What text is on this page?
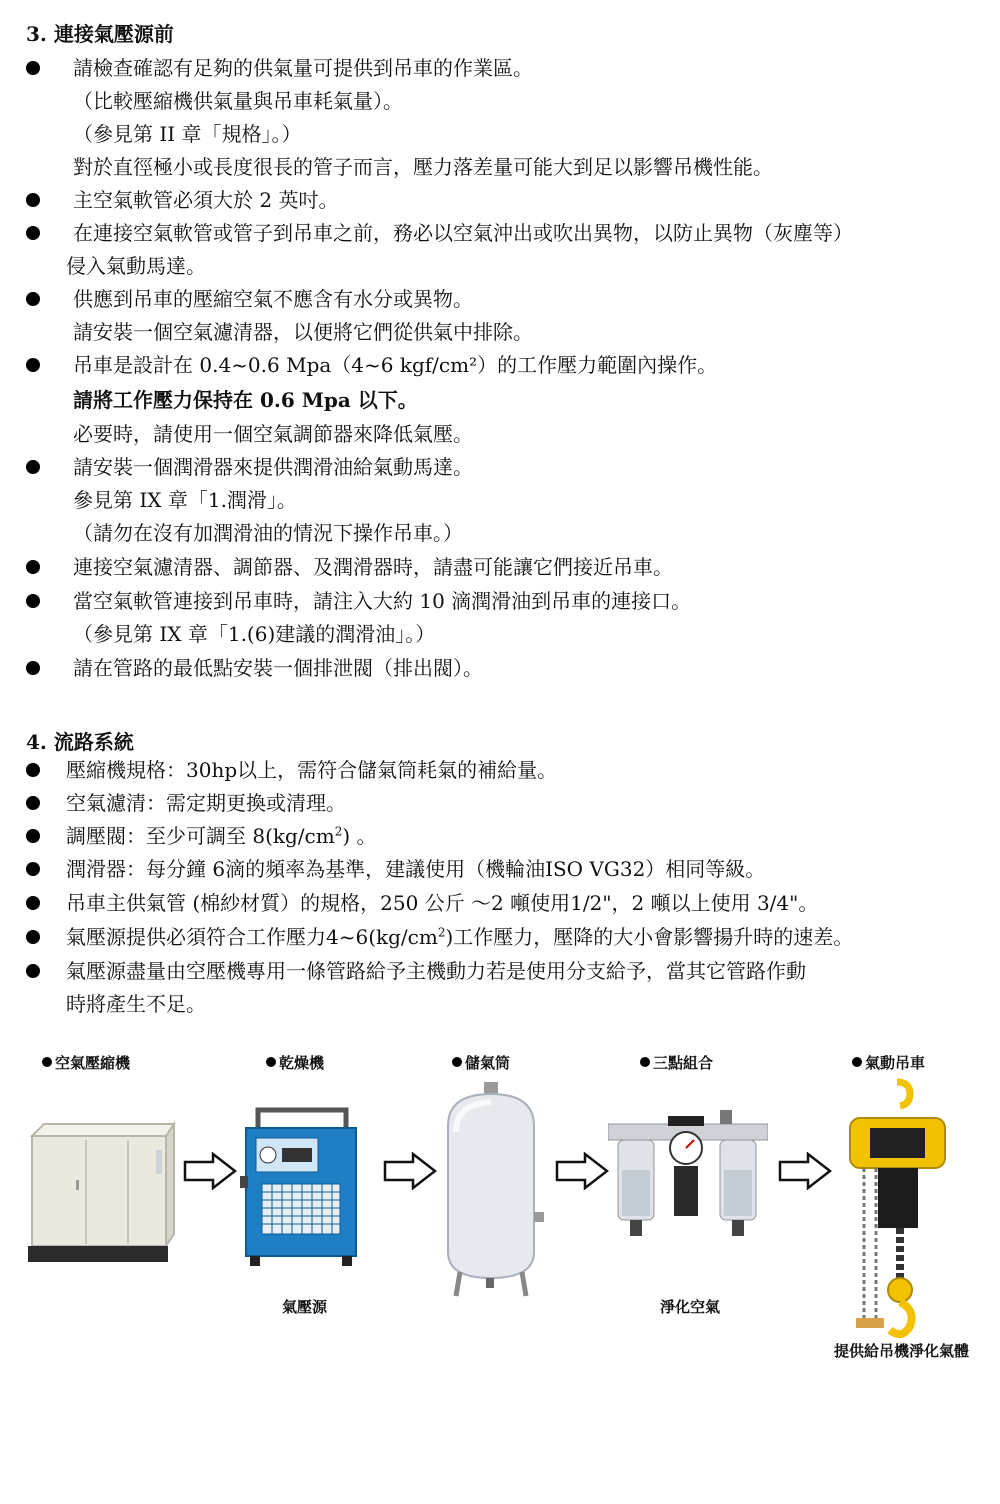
3. 連接氣壓源前
請檢查確認有足夠的供氣量可提供到吊車的作業區。
（比較壓縮機供氣量與吊車耗氣量）。
（參見第 II 章「規格」。）
對於直徑極小或長度很長的管子而言，壓力落差量可能大到足以影響吊機性能。
主空氣軟管必須大於 2 英吋。
在連接空氣軟管或管子到吊車之前，務必以空氣沖出或吹出異物，以防止異物（灰塵等）
侵入氣動馬達。
供應到吊車的壓縮空氣不應含有水分或異物。
請安裝一個空氣濾清器，以便將它們從供氣中排除。
吊車是設計在 0.4~0.6 Mpa（4~6 kgf/cm²）的工作壓力範圍內操作。
請將工作壓力保持在 0.6 Mpa 以下。
必要時，請使用一個空氣調節器來降低氣壓。
請安裝一個潤滑器來提供潤滑油給氣動馬達。
參見第 IX 章「1.潤滑」。
（請勿在沒有加潤滑油的情況下操作吊車。）
連接空氣濾清器、調節器、及潤滑器時，請盡可能讓它們接近吊車。
當空氣軟管連接到吊車時，請注入大約 10 滴潤滑油到吊車的連接口。
（參見第 IX 章「1.(6)建議的潤滑油」。）
請在管路的最低點安裝一個排泄閥（排出閥）。
4. 流路系統
壓縮機規格：30hp以上，需符合儲氣筒耗氣的補給量。
空氣濾清：需定期更換或清理。
調壓閥：至少可調至 $8(kg/cm^2)$ 。
潤滑器：每分鐘 6滴的頻率為基準，建議使用（機輪油ISO VG32）相同等級。
吊車主供氣管 (棉紗材質）的規格，250 公斤 ～2 噸使用1/2"，2 噸以上使用 3/4"。
氣壓源提供必須符合工作壓力$4\sim 6(kg/cm^2)$工作壓力，壓降的大小會影響揚升時的速差。
氣壓源盡量由空壓機專用一條管路給予主機動力若是使用分支給予，當其它管路作動
時將產生不足。
空氣壓縮機	乾燥機	儲氣筒	三點組合	氣動吊車
氣壓源	淨化空氣
提供給吊機淨化氣體
